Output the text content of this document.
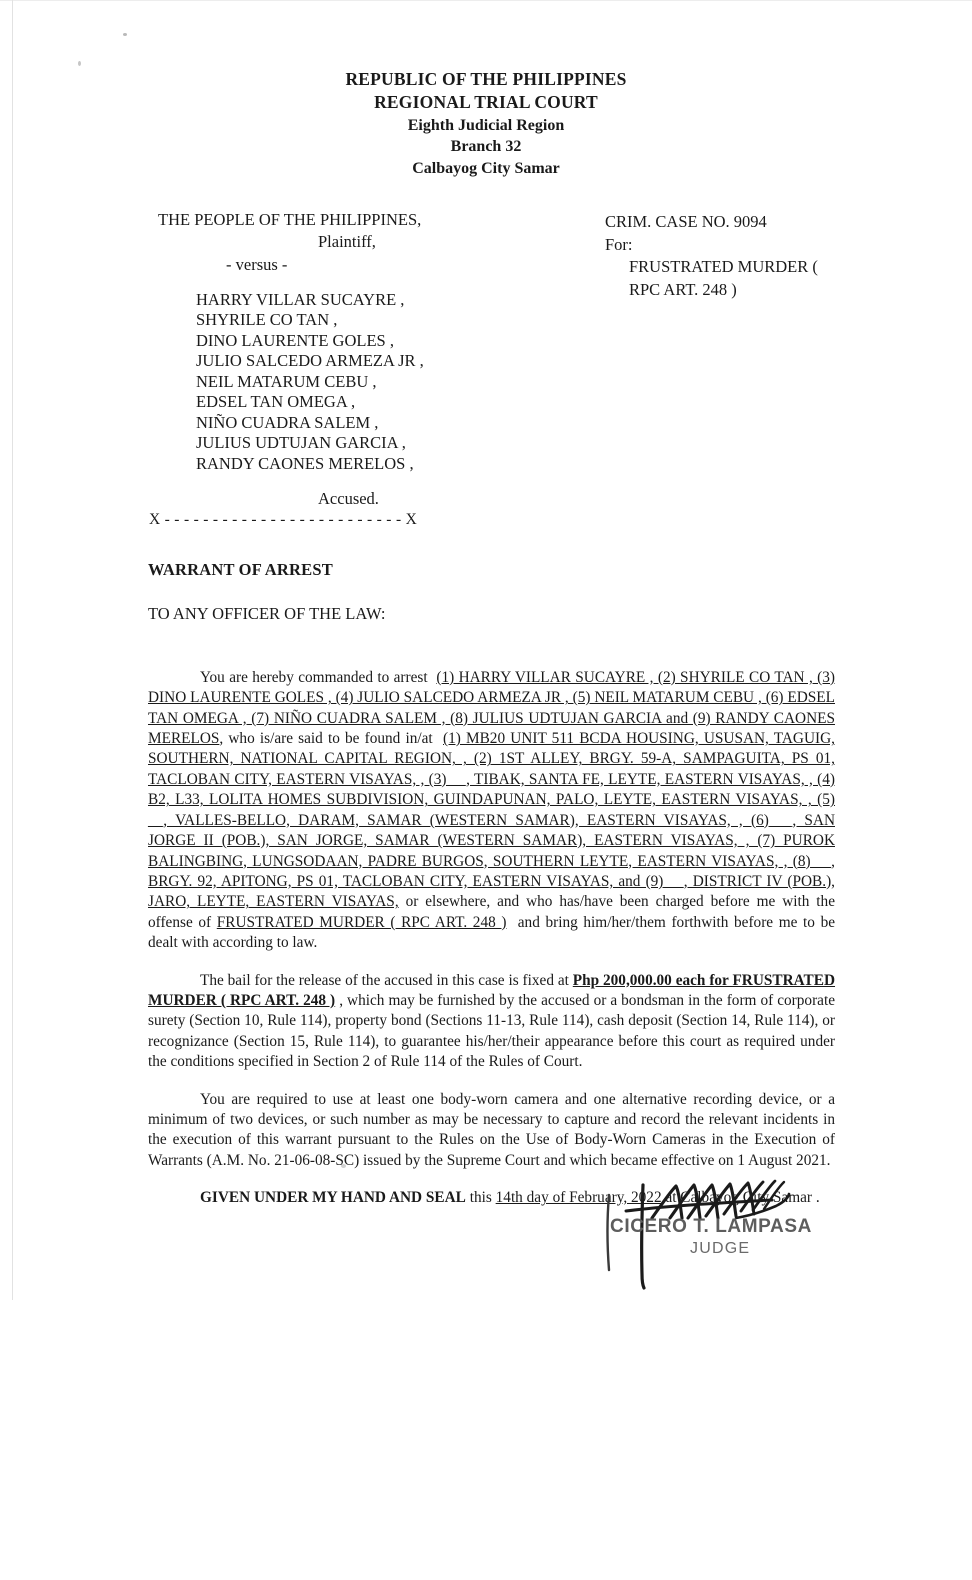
REPUBLIC OF THE PHILIPPINES
REGIONAL TRIAL COURT
Eighth Judicial Region
Branch 32
Calbayog City Samar
THE PEOPLE OF THE PHILIPPINES,
Plaintiff,
- versus -
HARRY VILLAR SUCAYRE ,
SHYRILE CO TAN ,
DINO LAURENTE GOLES ,
JULIO SALCEDO ARMEZA JR ,
NEIL MATARUM CEBU ,
EDSEL TAN OMEGA ,
NIÑO CUADRA SALEM ,
JULIUS UDTUJAN GARCIA ,
RANDY CAONES MERELOS ,
Accused.
X - - - - - - - - - - - - - - - - - - - - - - - - - X
CRIM. CASE NO. 9094
For:
FRUSTRATED MURDER (
RPC ART. 248 )
WARRANT OF ARREST
TO ANY OFFICER OF THE LAW:

You are hereby commanded to arrest (1) HARRY VILLAR SUCAYRE , (2) SHYRILE CO TAN , (3) DINO LAURENTE GOLES , (4) JULIO SALCEDO ARMEZA JR , (5) NEIL MATARUM CEBU , (6) EDSEL TAN OMEGA , (7) NIÑO CUADRA SALEM , (8) JULIUS UDTUJAN GARCIA and (9) RANDY CAONES MERELOS, who is/are said to be found in/at (1) MB20 UNIT 511 BCDA HOUSING, USUSAN, TAGUIG, SOUTHERN, NATIONAL CAPITAL REGION, , (2) 1ST ALLEY, BRGY. 59-A, SAMPAGUITA, PS 01, TACLOBAN CITY, EASTERN VISAYAS, , (3) __, TIBAK, SANTA FE, LEYTE, EASTERN VISAYAS, , (4) B2, L33, LOLITA HOMES SUBDIVISION, GUINDAPUNAN, PALO, LEYTE, EASTERN VISAYAS, , (5) __, VALLES-BELLO, DARAM, SAMAR (WESTERN SAMAR), EASTERN VISAYAS, , (6) __, SAN JORGE II (POB.), SAN JORGE, SAMAR (WESTERN SAMAR), EASTERN VISAYAS, , (7) PUROK BALINGBING, LUNGSODAAN, PADRE BURGOS, SOUTHERN LEYTE, EASTERN VISAYAS, , (8) __, BRGY. 92, APITONG, PS 01, TACLOBAN CITY, EASTERN VISAYAS, and (9) __, DISTRICT IV (POB.), JARO, LEYTE, EASTERN VISAYAS, or elsewhere, and who has/have been charged before me with the offense of FRUSTRATED MURDER ( RPC ART. 248 ) and bring him/her/them forthwith before me to be dealt with according to law.

The bail for the release of the accused in this case is fixed at Php 200,000.00 each for FRUSTRATED MURDER ( RPC ART. 248 ) , which may be furnished by the accused or a bondsman in the form of corporate surety (Section 10, Rule 114), property bond (Sections 11-13, Rule 114), cash deposit (Section 14, Rule 114), or recognizance (Section 15, Rule 114), to guarantee his/her/their appearance before this court as required under the conditions specified in Section 2 of Rule 114 of the Rules of Court.

You are required to use at least one body-worn camera and one alternative recording device, or a minimum of two devices, or such number as may be necessary to capture and record the relevant incidents in the execution of this warrant pursuant to the Rules on the Use of Body-Worn Cameras in the Execution of Warrants (A.M. No. 21-06-08-SC) issued by the Supreme Court and which became effective on 1 August 2021.

GIVEN UNDER MY HAND AND SEAL this 14th day of February, 2022 at Calbayog City Samar .

CICERO T. LAMPASA
JUDGE
